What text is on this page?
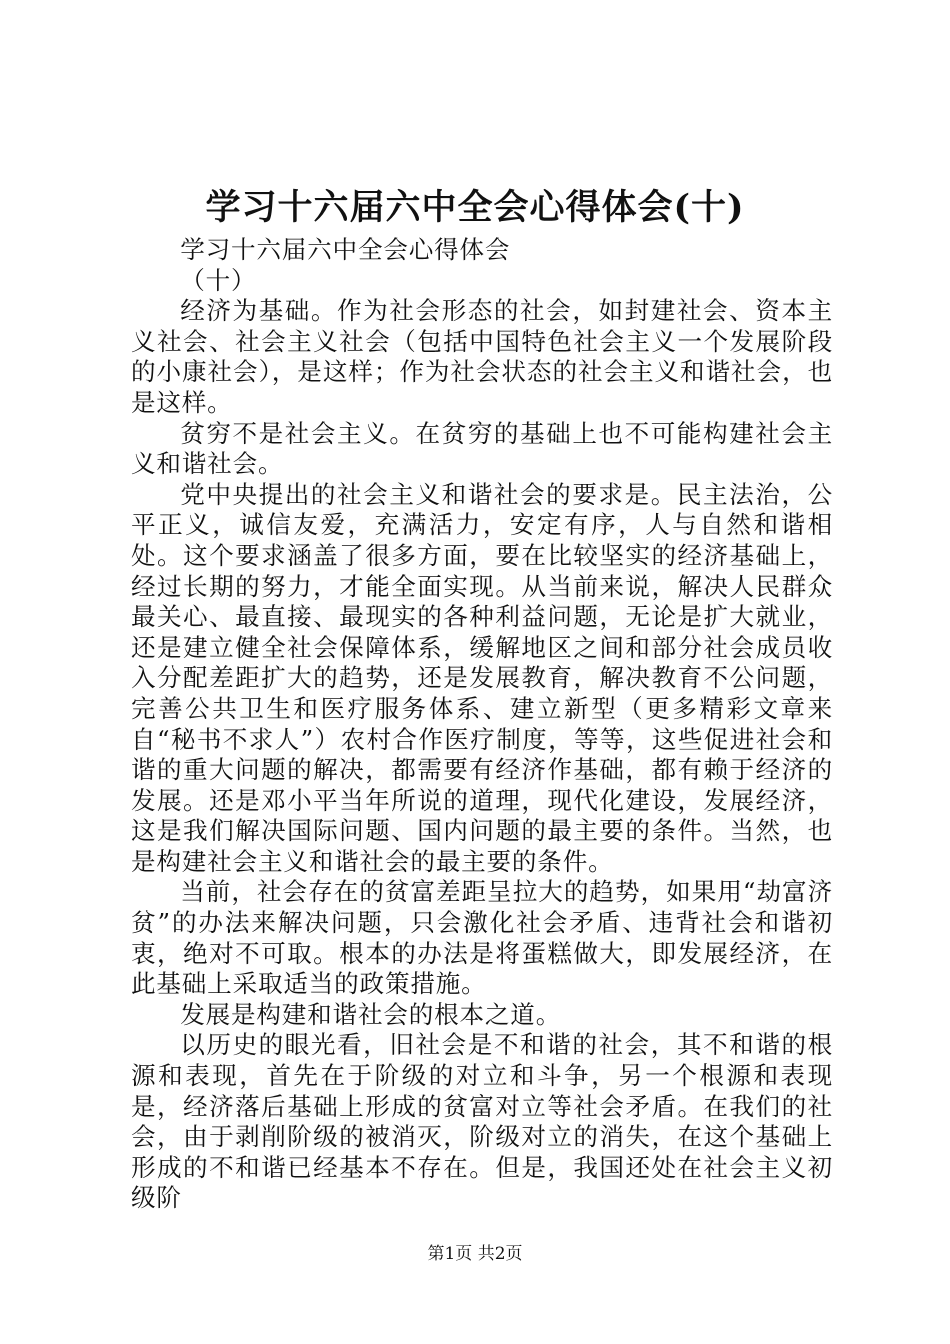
学习十六届六中全会心得体会(十)

学习十六届六中全会心得体会

（十）

经济为基础。作为社会形态的社会，如封建社会、资本主义社会、社会主义社会（包括中国特色社会主义一个发展阶段的小康社会），是这样；作为社会状态的社会主义和谐社会，也是这样。

贫穷不是社会主义。在贫穷的基础上也不可能构建社会主义和谐社会。

党中央提出的社会主义和谐社会的要求是。民主法治，公平正义，诚信友爱，充满活力，安定有序，人与自然和谐相处。这个要求涵盖了很多方面，要在比较坚实的经济基础上，经过长期的努力，才能全面实现。从当前来说，解决人民群众最关心、最直接、最现实的各种利益问题，无论是扩大就业，还是建立健全社会保障体系，缓解地区之间和部分社会成员收入分配差距扩大的趋势，还是发展教育，解决教育不公问题，完善公共卫生和医疗服务体系、建立新型（更多精彩文章来自“秘书不求人”）农村合作医疗制度，等等，这些促进社会和谐的重大问题的解决，都需要有经济作基础，都有赖于经济的发展。还是邓小平当年所说的道理，现代化建设，发展经济，这是我们解决国际问题、国内问题的最主要的条件。当然，也是构建社会主义和谐社会的最主要的条件。

当前，社会存在的贫富差距呈拉大的趋势，如果用“劫富济贫”的办法来解决问题，只会激化社会矛盾、违背社会和谐初衷，绝对不可取。根本的办法是将蛋糕做大，即发展经济，在此基础上采取适当的政策措施。

发展是构建和谐社会的根本之道。

以历史的眼光看，旧社会是不和谐的社会，其不和谐的根源和表现，首先在于阶级的对立和斗争，另一个根源和表现是，经济落后基础上形成的贫富对立等社会矛盾。在我们的社会，由于剥削阶级的被消灭，阶级对立的消失，在这个基础上形成的不和谐已经基本不存在。但是，我国还处在社会主义初级阶

第1页 共2页
